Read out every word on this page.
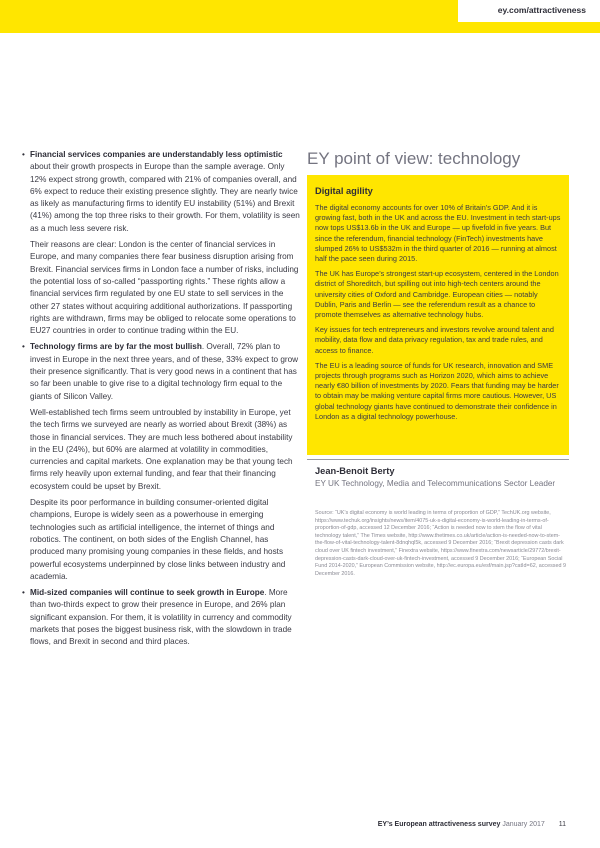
ey.com/attractiveness

• Financial services companies are understandably less optimistic about their growth prospects in Europe than the sample average. Only 12% expect strong growth, compared with 21% of companies overall, and 6% expect to reduce their existing presence slightly. They are nearly twice as likely as manufacturing firms to identify EU instability (51%) and Brexit (41%) among the top three risks to their growth. For them, volatility is seen as a much less severe risk.

Their reasons are clear: London is the center of financial services in Europe, and many companies there fear business disruption arising from Brexit. Financial services firms in London face a number of risks, including the potential loss of so-called “passporting rights.” These rights allow a financial services firm regulated by one EU state to sell services in the other 27 states without acquiring additional authorizations. If passporting rights are withdrawn, firms may be obliged to relocate some operations to EU27 countries in order to continue trading within the EU.

• Technology firms are by far the most bullish. Overall, 72% plan to invest in Europe in the next three years, and of these, 33% expect to grow their presence significantly. That is very good news in a continent that has so far been unable to give rise to a digital technology firm equal to the giants of Silicon Valley.

Well-established tech firms seem untroubled by instability in Europe, yet the tech firms we surveyed are nearly as worried about Brexit (38%) as those in financial services. They are much less bothered about instability in the EU (24%), but 60% are alarmed at volatility in commodities, currencies and capital markets. One explanation may be that young tech firms rely heavily upon external funding, and fear that their financing ecosystem could be upset by Brexit.

Despite its poor performance in building consumer-oriented digital champions, Europe is widely seen as a powerhouse in emerging technologies such as artificial intelligence, the internet of things and robotics. The continent, on both sides of the English Channel, has produced many promising young companies in these fields, and hosts powerful ecosystems underpinned by close links between industry and academia.

• Mid-sized companies will continue to seek growth in Europe. More than two-thirds expect to grow their presence in Europe, and 26% plan significant expansion. For them, it is volatility in currency and commodity markets that poses the biggest business risk, with the slowdown in trade flows, and Brexit in second and third places.

EY point of view: technology
Digital agility

The digital economy accounts for over 10% of Britain’s GDP. And it is growing fast, both in the UK and across the EU. Investment in tech start-ups now tops US$13.6b in the UK and Europe — up fivefold in five years. But since the referendum, financial technology (FinTech) investments have slumped 26% to US$532m in the third quarter of 2016 — running at almost half the pace seen during 2015.

The UK has Europe’s strongest start-up ecosystem, centered in the London district of Shoreditch, but spilling out into high-tech centers around the university cities of Oxford and Cambridge. European cities — notably Dublin, Paris and Berlin — see the referendum result as a chance to promote themselves as alternative technology hubs.

Key issues for tech entrepreneurs and investors revolve around talent and mobility, data flow and data privacy regulation, tax and trade rules, and access to finance.

The EU is a leading source of funds for UK research, innovation and SME projects through programs such as Horizon 2020, which aims to achieve nearly €80 billion of investments by 2020. Fears that funding may be harder to obtain may be making venture capital firms more cautious. However, US global technology giants have continued to demonstrate their confidence in London as a digital technology powerhouse.

Jean-Benoit Berty
EY UK Technology, Media and Telecommunications Sector Leader
Source: “UK’s digital economy is world leading in terms of proportion of GDP,” TechUK.org website, https://www.techuk.org/insights/news/item/4075-uk-s-digital-economy-is-world-leading-in-terms-of-proportion-of-gdp, accessed 12 December 2016; “Action is needed now to stem the flow of vital technology talent,” The Times website, http://www.thetimes.co.uk/article/action-is-needed-now-to-stem-the-flow-of-vital-technology-talent-8dnqhql5k, accessed 9 December 2016; “Brexit depression casts dark cloud over UK fintech investment,” Finextra website, https://www.finextra.com/newsarticle/29772/brexit-depression-casts-dark-cloud-over-uk-fintech-investment, accessed 9 December 2016; “European Social Fund 2014-2020,” European Commission website, http://ec.europa.eu/esf/main.jsp?catId=62, accessed 9 December 2016.
EY’s European attractiveness survey January 2017 11
